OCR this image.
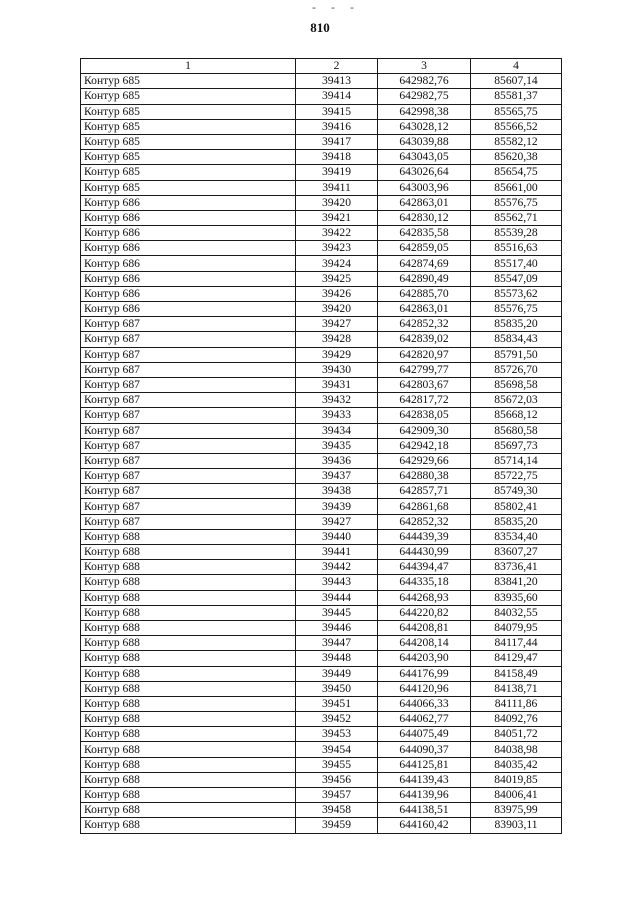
- - -
810
1	2	3	4
Контур 685	39413	642982,76	85607,14
Контур 685	39414	642982,75	85581,37
Контур 685	39415	642998,38	85565,75
Контур 685	39416	643028,12	85566,52
Контур 685	39417	643039,88	85582,12
Контур 685	39418	643043,05	85620,38
Контур 685	39419	643026,64	85654,75
Контур 685	39411	643003,96	85661,00
Контур 686	39420	642863,01	85576,75
Контур 686	39421	642830,12	85562,71
Контур 686	39422	642835,58	85539,28
Контур 686	39423	642859,05	85516,63
Контур 686	39424	642874,69	85517,40
Контур 686	39425	642890,49	85547,09
Контур 686	39426	642885,70	85573,62
Контур 686	39420	642863,01	85576,75
Контур 687	39427	642852,32	85835,20
Контур 687	39428	642839,02	85834,43
Контур 687	39429	642820,97	85791,50
Контур 687	39430	642799,77	85726,70
Контур 687	39431	642803,67	85698,58
Контур 687	39432	642817,72	85672,03
Контур 687	39433	642838,05	85668,12
Контур 687	39434	642909,30	85680,58
Контур 687	39435	642942,18	85697,73
Контур 687	39436	642929,66	85714,14
Контур 687	39437	642880,38	85722,75
Контур 687	39438	642857,71	85749,30
Контур 687	39439	642861,68	85802,41
Контур 687	39427	642852,32	85835,20
Контур 688	39440	644439,39	83534,40
Контур 688	39441	644430,99	83607,27
Контур 688	39442	644394,47	83736,41
Контур 688	39443	644335,18	83841,20
Контур 688	39444	644268,93	83935,60
Контур 688	39445	644220,82	84032,55
Контур 688	39446	644208,81	84079,95
Контур 688	39447	644208,14	84117,44
Контур 688	39448	644203,90	84129,47
Контур 688	39449	644176,99	84158,49
Контур 688	39450	644120,96	84138,71
Контур 688	39451	644066,33	84111,86
Контур 688	39452	644062,77	84092,76
Контур 688	39453	644075,49	84051,72
Контур 688	39454	644090,37	84038,98
Контур 688	39455	644125,81	84035,42
Контур 688	39456	644139,43	84019,85
Контур 688	39457	644139,96	84006,41
Контур 688	39458	644138,51	83975,99
Контур 688	39459	644160,42	83903,11
